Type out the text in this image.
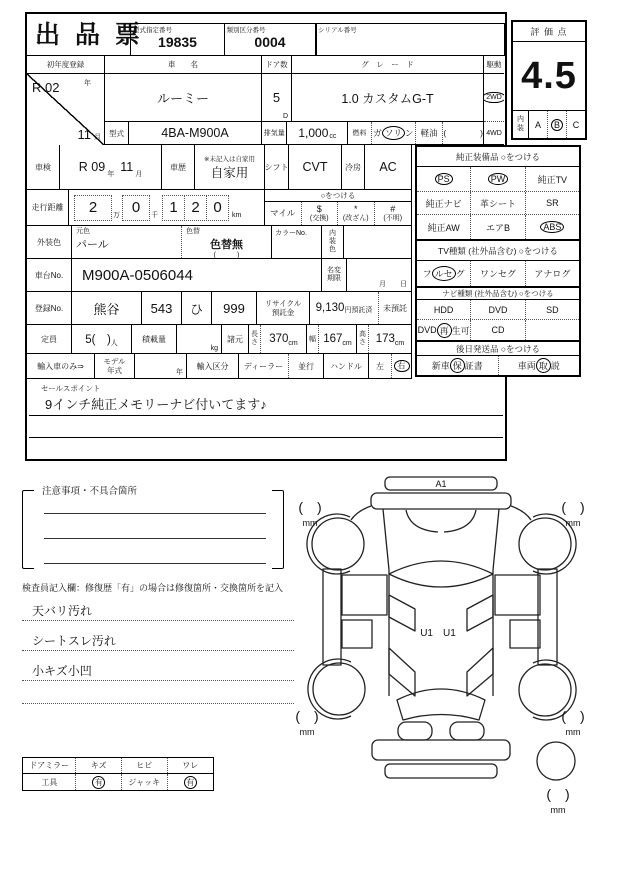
出 品 票
型式指定番号
19835
類別区分番号
0004
シリアル番号
初年度登録	車　　名	ドア数	グ　レ　ー　ド	駆動
R 02	年
11 月
ルーミー	5
D
1.0 カスタムG-T	2WD
型式	4BA-M900A	排気量 1,000 cc	燃料 ガ ソリ ン 軽油 (　　　　) 4WD
車検	R 09
年
11
月
車歴
※未記入は自家用
自家用 シフト	CVT	冷房	AC
走行距離	2	万 0	千 1 2 0	km
○をつける
マイル	$
(交換)
*
(改ざん)
#
(不明)
外装色
元色
パール
色替
色替無
(　　　)
カラーNo.	内装色
車台No.	M900A-0506044	名変
期限
月 日
登録No.	熊谷	543	ひ	999	リサイクル
預託金 9,130 円預託済	未預託
定員	5(　) 人	積載量
kg
諸元
長さ 370 cm 幅 167 cm
高さ 173 cm
輸入車のみ⇒	モデル
年式	年
輸入区分	ディーラー	並行	ハンドル	左	右
セールスポイント
9インチ純正メモリーナビ付いてます♪
評 価 点
4.5
内装	A	B	C
純正装備品 ○をつける
PS	PW	純正TV
純正ナビ	革シート	SR
純正AW	エアB	ABS
TV種類 (社外品含む) ○をつける
フ ルセ グ	ワンセグ	アナログ
ナビ種類 (社外品含む) ○をつける
HDD	DVD	SD
DVD 再 生可	CD
後日発送品 ○をつける
新車 保 証書	車両 取 説
注意事項・不具合箇所
検査員記入欄：修復歴「有」の場合は修復箇所・交換箇所を記入
天バリ汚れ
シートスレ汚れ
小キズ小凹
ドアミラー	キズ	ヒビ	ワレ
工具	有	ジャッキ	有
A1
U1　U1
(　)
mm
(　)
mm
(　)
mm
(　)
mm
(　)
mm
